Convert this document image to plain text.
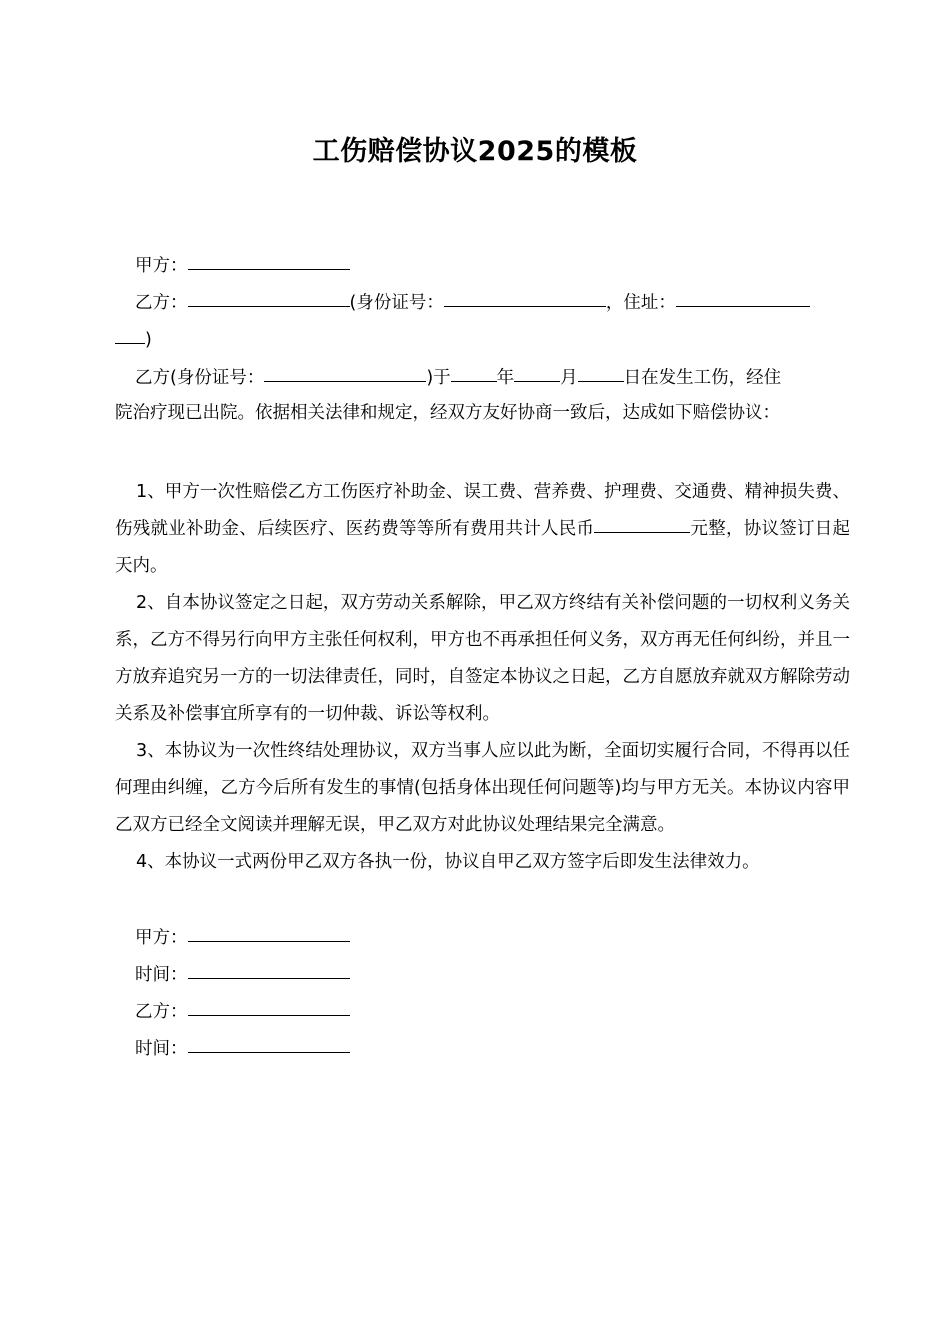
工伤赔偿协议2025的模板
甲方：
乙方：	(身份证号：	，住址：
)
乙方(身份证号：	)于	年	月	日在发生工伤，经住
院治疗现已出院。依据相关法律和规定，经双方友好协商一致后，达成如下赔偿协议：

1、甲方一次性赔偿乙方工伤医疗补助金、误工费、营养费、护理费、交通费、精神损失费、伤残就业补助金、后续医疗、医药费等等所有费用共计人民币	元整，协议签订日起天内。

2、自本协议签定之日起，双方劳动关系解除，甲乙双方终结有关补偿问题的一切权利义务关系，乙方不得另行向甲方主张任何权利，甲方也不再承担任何义务，双方再无任何纠纷，并且一方放弃追究另一方的一切法律责任，同时，自签定本协议之日起，乙方自愿放弃就双方解除劳动关系及补偿事宜所享有的一切仲裁、诉讼等权利。

3、本协议为一次性终结处理协议，双方当事人应以此为断，全面切实履行合同，不得再以任何理由纠缠，乙方今后所有发生的事情(包括身体出现任何问题等)均与甲方无关。本协议内容甲乙双方已经全文阅读并理解无误，甲乙双方对此协议处理结果完全满意。

4、本协议一式两份甲乙双方各执一份，协议自甲乙双方签字后即发生法律效力。

甲方：
时间：
乙方：
时间：
